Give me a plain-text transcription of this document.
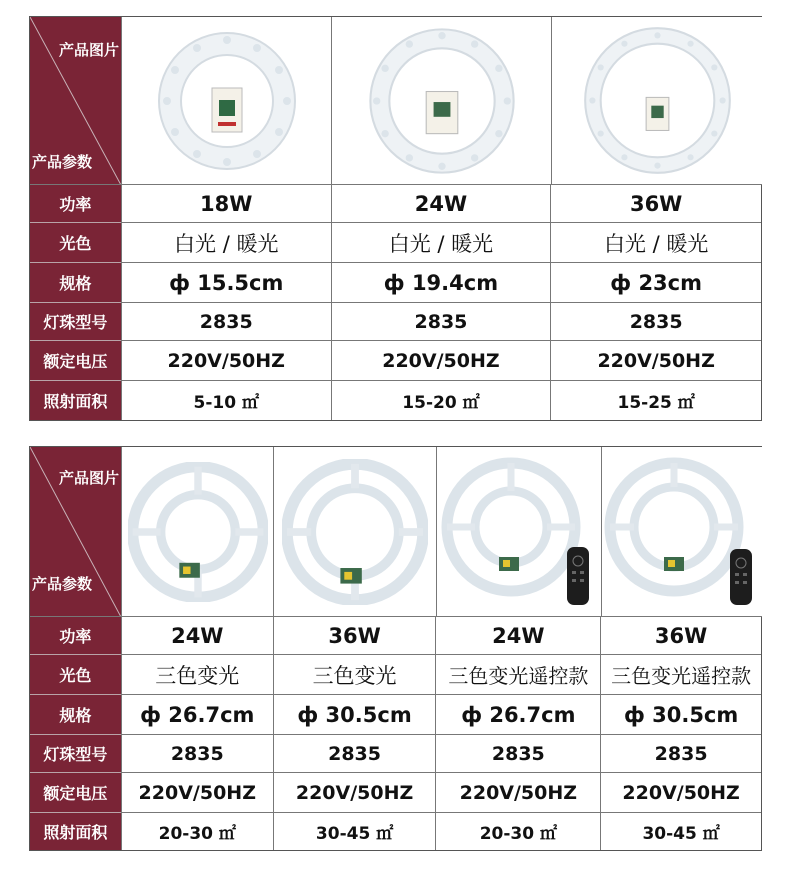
产品图片
产品参数
功率	18W	24W	36W
光色	白光 / 暖光	白光 / 暖光	白光 / 暖光
规格	ф 15.5cm	ф 19.4cm	ф 23cm
灯珠型号	2835	2835	2835
额定电压	220V/50HZ	220V/50HZ	220V/50HZ
照射面积	5-10 ㎡	15-20 ㎡	15-25 ㎡
产品图片
产品参数
功率	24W	36W	24W	36W
光色	三色变光	三色变光	三色变光遥控款	三色变光遥控款
规格	ф 26.7cm	ф 30.5cm	ф 26.7cm	ф 30.5cm
灯珠型号	2835	2835	2835	2835
额定电压	220V/50HZ	220V/50HZ	220V/50HZ	220V/50HZ
照射面积	20-30 ㎡	30-45 ㎡	20-30 ㎡	30-45 ㎡
